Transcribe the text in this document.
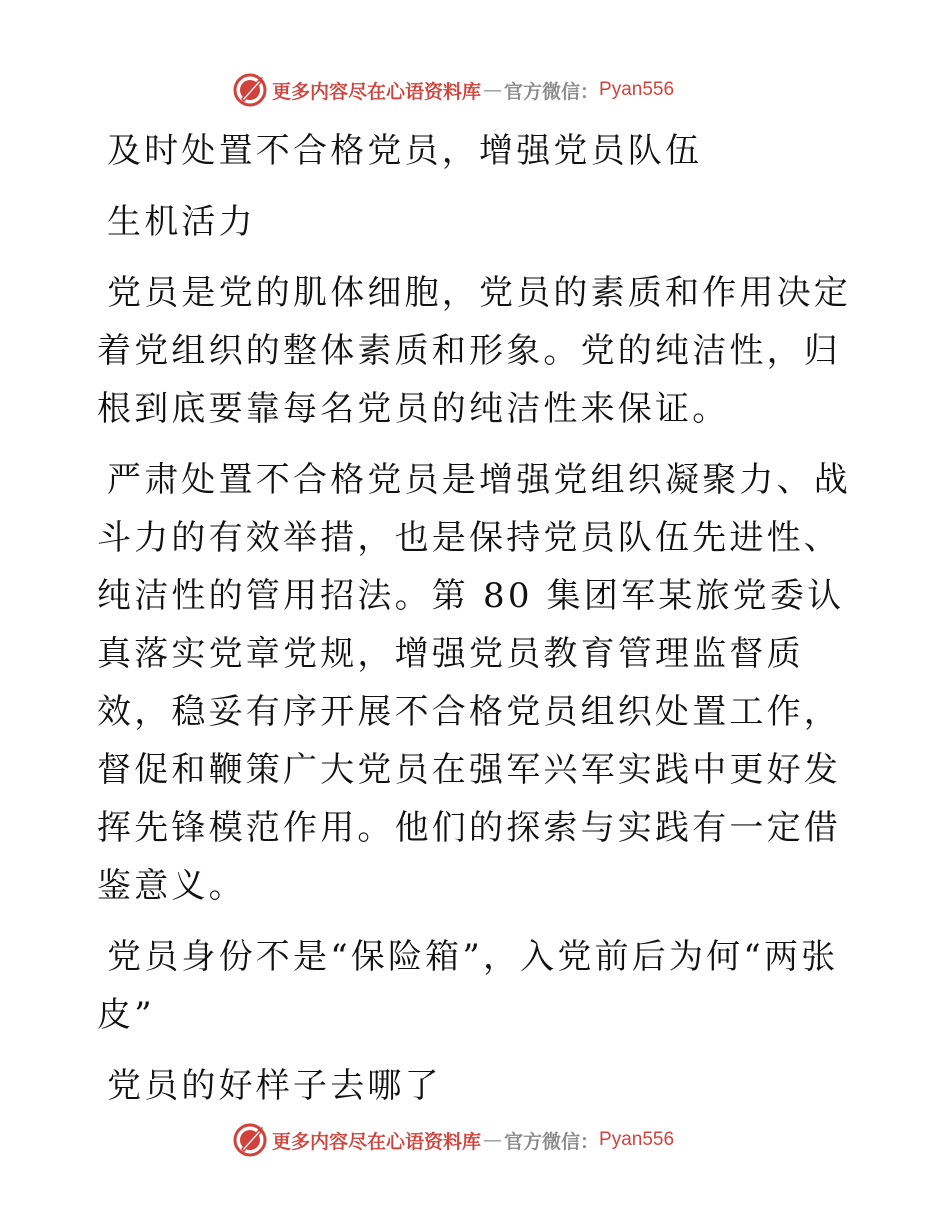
更多内容尽在心语资料库 — 官方微信： Pyan556

及时处置不合格党员，增强党员队伍

生机活力

党员是党的肌体细胞，党员的素质和作用决定着党组织的整体素质和形象。党的纯洁性，归根到底要靠每名党员的纯洁性来保证。

严肃处置不合格党员是增强党组织凝聚力、战斗力的有效举措，也是保持党员队伍先进性、纯洁性的管用招法。第 80 集团军某旅党委认真落实党章党规，增强党员教育管理监督质效，稳妥有序开展不合格党员组织处置工作，督促和鞭策广大党员在强军兴军实践中更好发挥先锋模范作用。他们的探索与实践有一定借鉴意义。

党员身份不是“保险箱”，入党前后为何“两张皮”

党员的好样子去哪了

更多内容尽在心语资料库 — 官方微信： Pyan556
